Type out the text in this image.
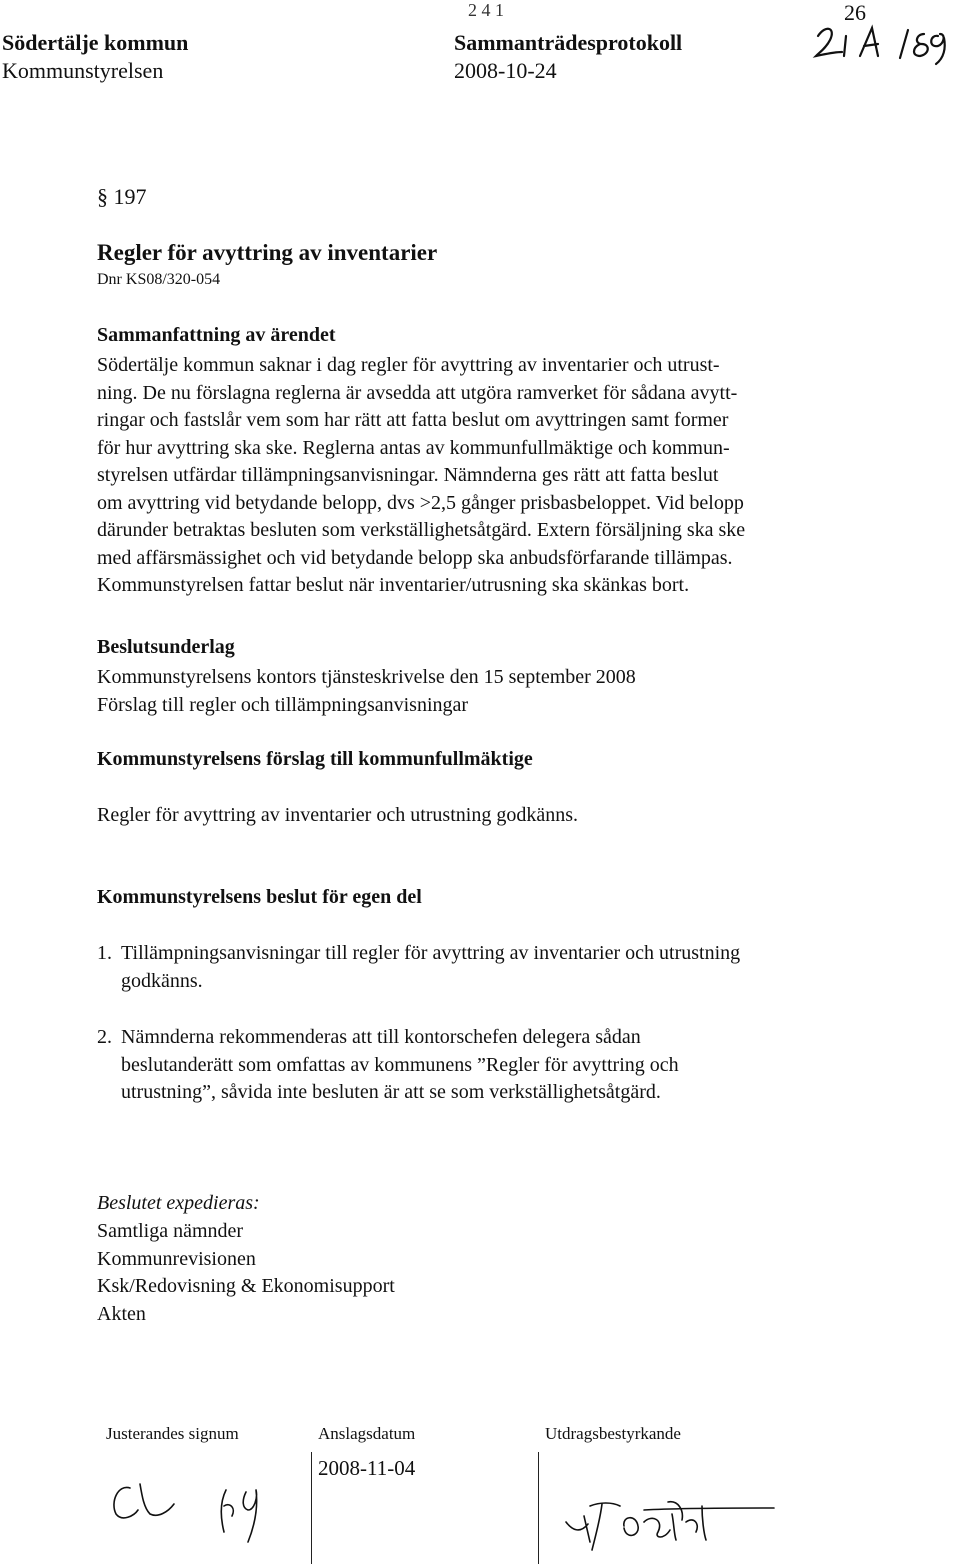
Södertälje kommun
Kommunstyrelsen
Sammanträdesprotokoll
2008-10-24
2 4 1	26
§ 197
Regler för avyttring av inventarier
Dnr KS08/320-054
Sammanfattning av ärendet
Södertälje kommun saknar i dag regler för avyttring av inventarier och utrust-
ning. De nu förslagna reglerna är avsedda att utgöra ramverket för sådana avytt-
ringar och fastslår vem som har rätt att fatta beslut om avyttringen samt former
för hur avyttring ska ske. Reglerna antas av kommunfullmäktige och kommun-
styrelsen utfärdar tillämpningsanvisningar. Nämnderna ges rätt att fatta beslut
om avyttring vid betydande belopp, dvs >2,5 gånger prisbasbeloppet. Vid belopp
därunder betraktas besluten som verkställighetsåtgärd. Extern försäljning ska ske
med affärsmässighet och vid betydande belopp ska anbudsförfarande tillämpas.
Kommunstyrelsen fattar beslut när inventarier/utrusning ska skänkas bort.
Beslutsunderlag
Kommunstyrelsens kontors tjänsteskrivelse den 15 september 2008
Förslag till regler och tillämpningsanvisningar
Kommunstyrelsens förslag till kommunfullmäktige
Regler för avyttring av inventarier och utrustning godkänns.
Kommunstyrelsens beslut för egen del
1. Tillämpningsanvisningar till regler för avyttring av inventarier och utrustning
godkänns.
2. Nämnderna rekommenderas att till kontorschefen delegera sådan
beslutanderätt som omfattas av kommunens ”Regler för avyttring och
utrustning”, såvida inte besluten är att se som verkställighetsåtgärd.
Beslutet expedieras:
Samtliga nämnder
Kommunrevisionen
Ksk/Redovisning & Ekonomisupport
Akten
Justerandes signum	Anslagsdatum	Utdragsbestyrkande
2008-11-04
